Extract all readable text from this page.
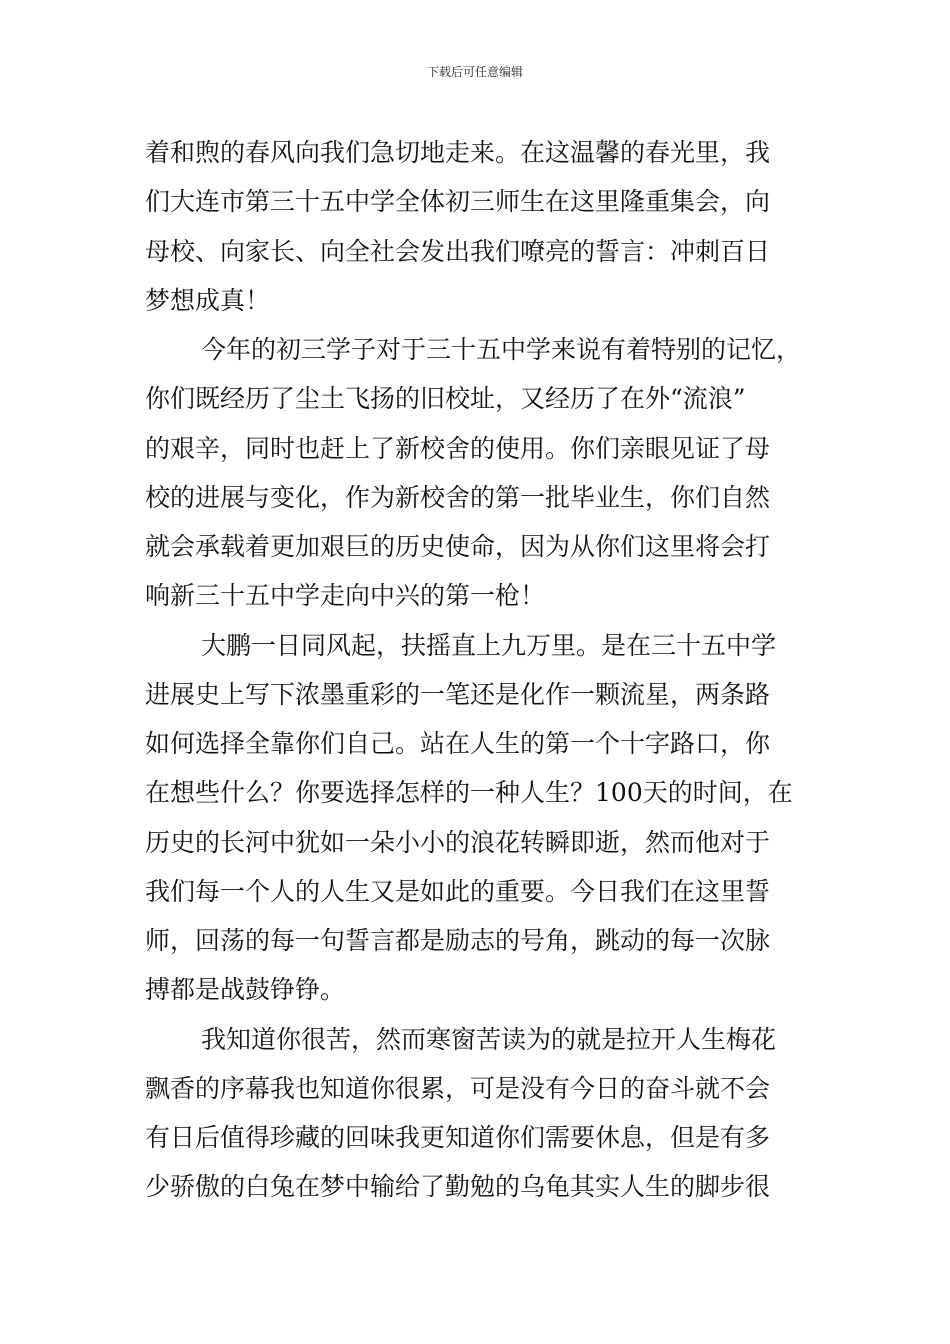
下载后可任意编辑
着和煦的春风向我们急切地走来。在这温馨的春光里，我
们大连市第三十五中学全体初三师生在这里隆重集会，向
母校、向家长、向全社会发出我们嘹亮的誓言：冲刺百日
梦想成真！
今年的初三学子对于三十五中学来说有着特别的记忆，
你们既经历了尘土飞扬的旧校址，又经历了在外“流浪”
的艰辛，同时也赶上了新校舍的使用。你们亲眼见证了母
校的进展与变化，作为新校舍的第一批毕业生，你们自然
就会承载着更加艰巨的历史使命，因为从你们这里将会打
响新三十五中学走向中兴的第一枪！
大鹏一日同风起，扶摇直上九万里。是在三十五中学
进展史上写下浓墨重彩的一笔还是化作一颗流星，两条路
如何选择全靠你们自己。站在人生的第一个十字路口，你
在想些什么？你要选择怎样的一种人生？100天的时间，在
历史的长河中犹如一朵小小的浪花转瞬即逝，然而他对于
我们每一个人的人生又是如此的重要。今日我们在这里誓
师，回荡的每一句誓言都是励志的号角，跳动的每一次脉
搏都是战鼓铮铮。
我知道你很苦，然而寒窗苦读为的就是拉开人生梅花
飘香的序幕我也知道你很累，可是没有今日的奋斗就不会
有日后值得珍藏的回味我更知道你们需要休息，但是有多
少骄傲的白兔在梦中输给了勤勉的乌龟其实人生的脚步很
